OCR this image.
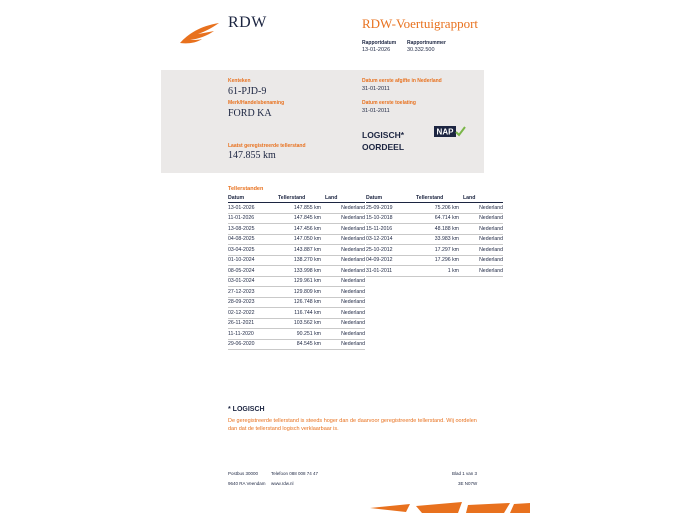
RDW	RDW-Voertuigrapport
Rapportdatum
13-01-2026
Rapportnummer
30.332.500
Kenteken
61-PJD-9
Merk/Handelsbenaming
FORD KA
Laatst geregistreerde tellerstand
147.855 km
Datum eerste afgifte in Nederland
31-01-2011
Datum eerste toelating
31-01-2011
LOGISCH*
OORDEEL
NAP
Tellerstanden
Datum	Tellerstand	Land
13-01-2026	147.855 km	Nederland
11-01-2026	147.845 km	Nederland
13-08-2025	147.456 km	Nederland
04-08-2025	147.050 km	Nederland
03-04-2025	143.887 km	Nederland
01-10-2024	138.270 km	Nederland
08-05-2024	133.998 km	Nederland
03-01-2024	129.961 km	Nederland
27-12-2023	129.809 km	Nederland
28-09-2023	126.748 km	Nederland
02-12-2022	116.744 km	Nederland
26-11-2021	103.562 km	Nederland
11-11-2020	90.251 km	Nederland
29-06-2020	84.545 km	Nederland
Datum	Tellerstand	Land
25-09-2019	75.206 km	Nederland
15-10-2018	64.714 km	Nederland
15-11-2016	48.188 km	Nederland
03-12-2014	33.983 km	Nederland
25-10-2012	17.297 km	Nederland
04-09-2012	17.296 km	Nederland
31-01-2011	1 km	Nederland
* LOGISCH
De geregistreerde tellerstand is steeds hoger dan de daarvoor geregistreerde tellerstand. Wij oordelen dan dat de tellerstand logisch verklaarbaar is.
Postbus 30000
9640 RA Veendam
Telefoon 088 008 74 47
www.rdw.nl
Blad 1 van 3
3E N07W
